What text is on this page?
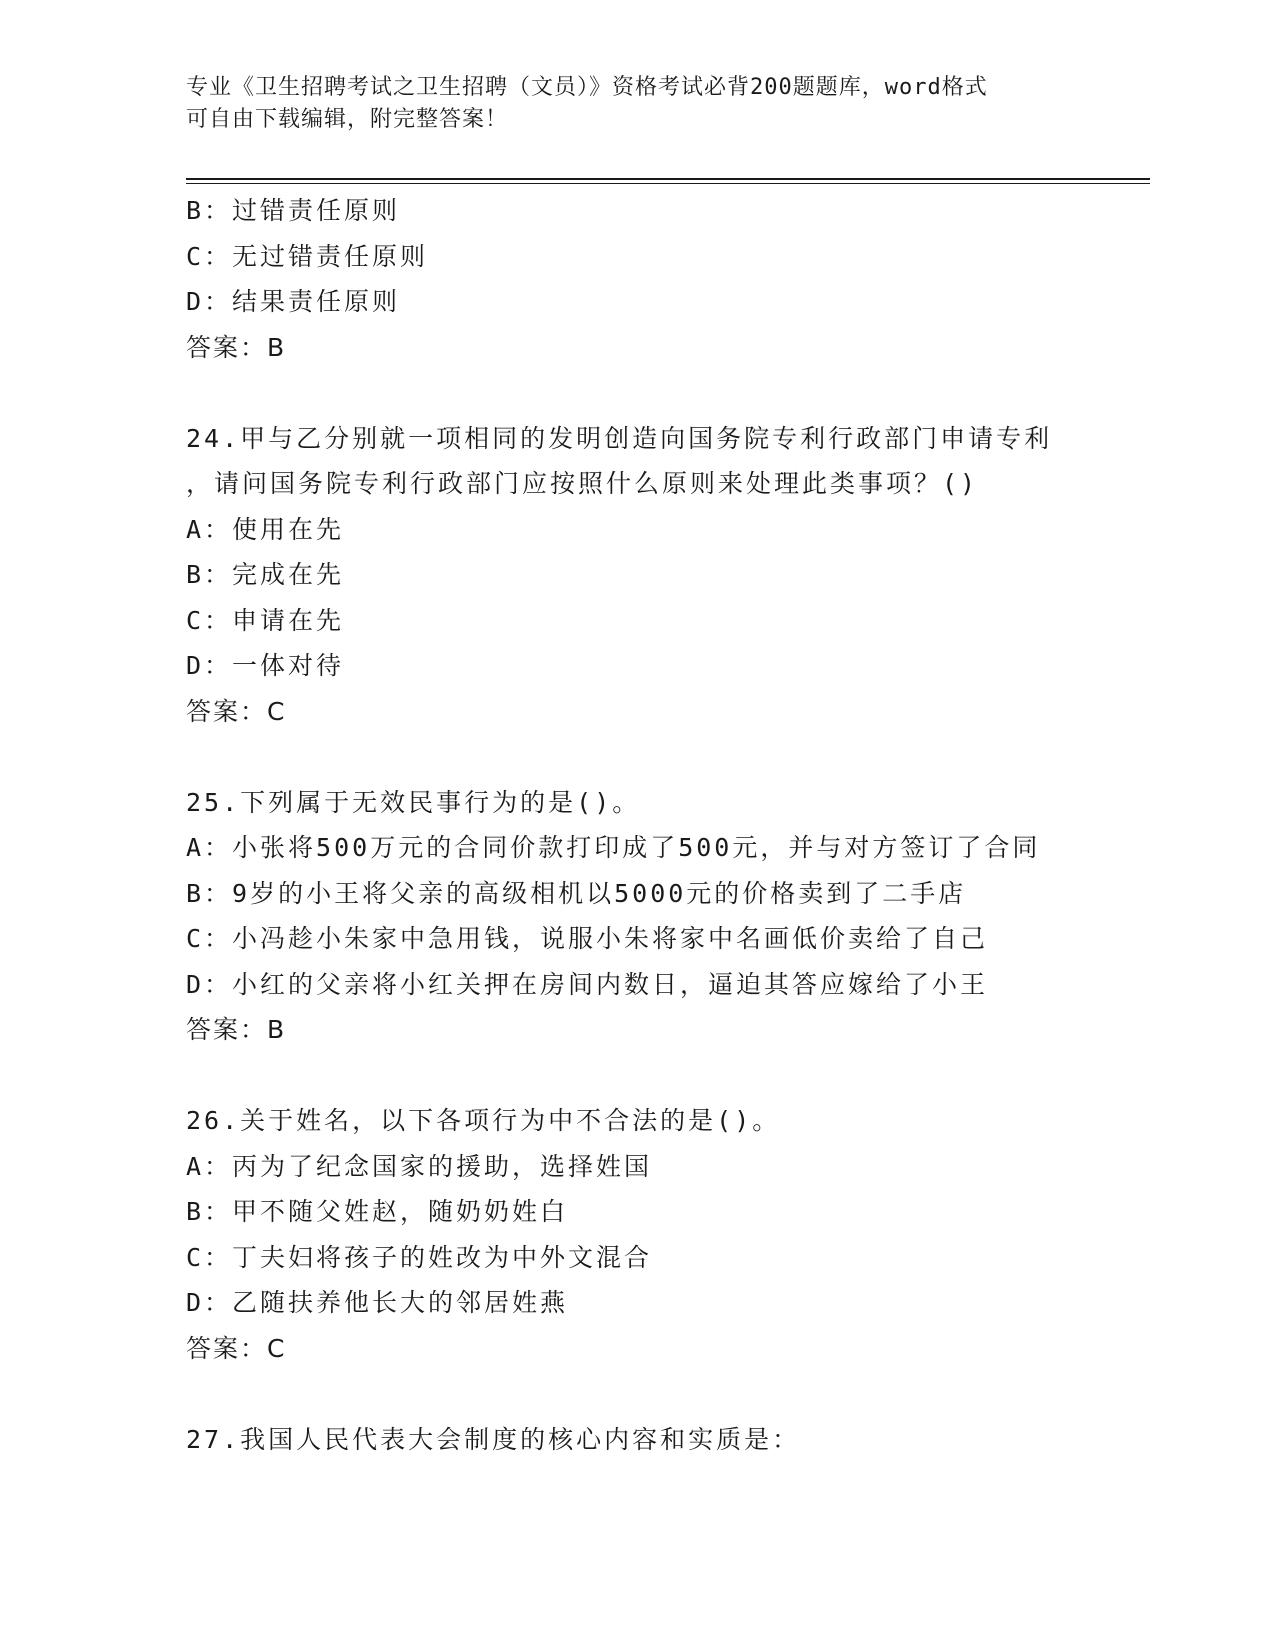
专业《卫生招聘考试之卫生招聘（文员）》资格考试必背200题题库，word格式
可自由下载编辑，附完整答案！
B：过错责任原则
C：无过错责任原则
D：结果责任原则
答案：B
24.甲与乙分别就一项相同的发明创造向国务院专利行政部门申请专利
，请问国务院专利行政部门应按照什么原则来处理此类事项？()
A：使用在先
B：完成在先
C：申请在先
D：一体对待
答案：C
25.下列属于无效民事行为的是()。
A：小张将500万元的合同价款打印成了500元，并与对方签订了合同
B：9岁的小王将父亲的高级相机以5000元的价格卖到了二手店
C：小冯趁小朱家中急用钱，说服小朱将家中名画低价卖给了自己
D：小红的父亲将小红关押在房间内数日，逼迫其答应嫁给了小王
答案：B
26.关于姓名，以下各项行为中不合法的是()。
A：丙为了纪念国家的援助，选择姓国
B：甲不随父姓赵，随奶奶姓白
C：丁夫妇将孩子的姓改为中外文混合
D：乙随扶养他长大的邻居姓燕
答案：C
27.我国人民代表大会制度的核心内容和实质是：
